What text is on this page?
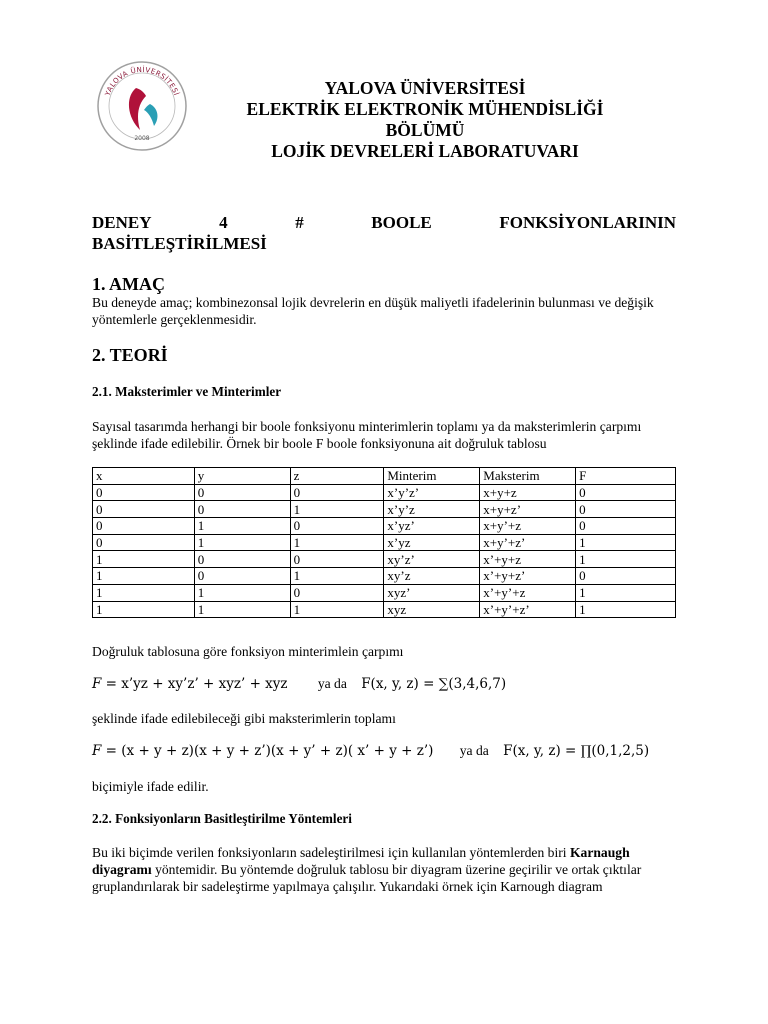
YALOVA ÜNİVERSİTESİ
2008
YALOVA ÜNİVERSİTESİ
ELEKTRİK ELEKTRONİK MÜHENDİSLİĞİ
BÖLÜMÜ
LOJİK DEVRELERİ LABORATUVARI
DENEY	4	#	BOOLE	FONKSİYONLARININ
BASİTLEŞTİRİLMESİ
1. AMAÇ
Bu deneyde amaç; kombinezonsal lojik devrelerin en düşük maliyetli ifadelerinin bulunması ve değişik yöntemlerle gerçeklenmesidir.
2. TEORİ
2.1. Maksterimler ve Minterimler
Sayısal tasarımda herhangi bir boole fonksiyonu minterimlerin toplamı ya da maksterimlerin çarpımı şeklinde ifade edilebilir. Örnek bir boole F boole fonksiyonuna ait doğruluk tablosu
x	y	z	Minterim	Maksterim	F
0	0	0	x’y’z’	x+y+z	0
0	0	1	x’y’z	x+y+z’	0
0	1	0	x’yz’	x+y’+z	0
0	1	1	x’yz	x+y’+z’	1
1	0	0	xy’z’	x’+y+z	1
1	0	1	xy’z	x’+y+z’	0
1	1	0	xyz’	x’+y’+z	1
1	1	1	xyz	x’+y’+z’	1
Doğruluk tablosuna göre fonksiyon minterimlein çarpımı
F = x’yz + xy’z’ + xyz’ + xyz ya da F(x, y, z) = ∑(3,4,6,7)
şeklinde ifade edilebileceği gibi maksterimlerin toplamı
F = (x + y + z)(x + y + z’)(x + y’ + z)( x’ + y + z’) ya da F(x, y, z) = ∏(0,1,2,5)
biçimiyle ifade edilir.
2.2. Fonksiyonların Basitleştirilme Yöntemleri
Bu iki biçimde verilen fonksiyonların sadeleştirilmesi için kullanılan yöntemlerden biri Karnaugh diyagramı yöntemidir. Bu yöntemde doğruluk tablosu bir diyagram üzerine geçirilir ve ortak çıktılar gruplandırılarak bir sadeleştirme yapılmaya çalışılır. Yukarıdaki örnek için Karnough diagram
